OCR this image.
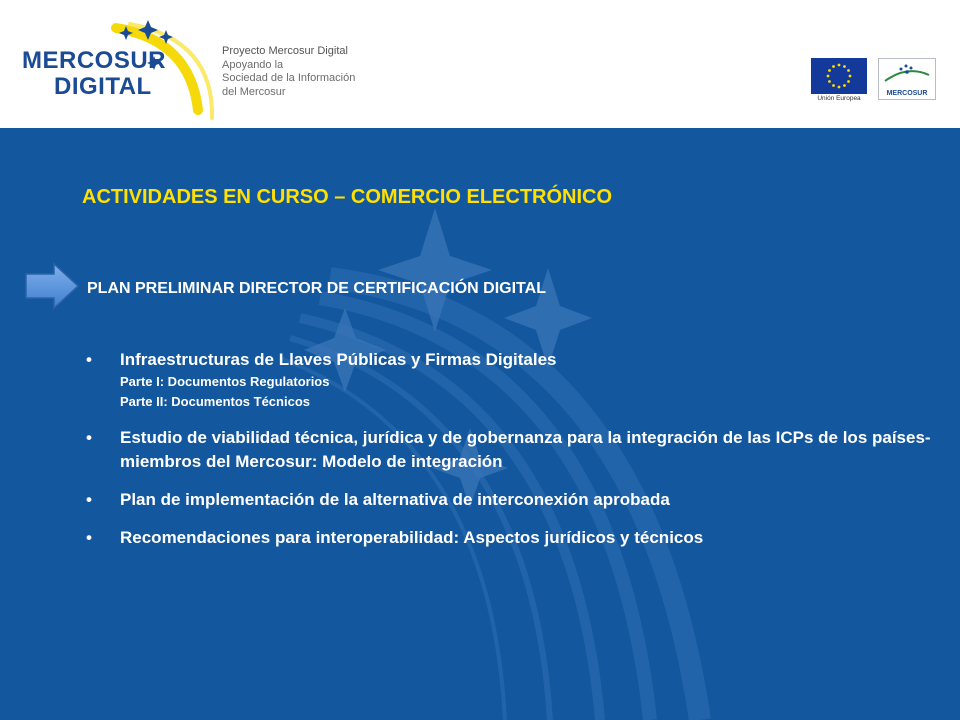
MERCOSUR
DIGITAL
Proyecto Mercosur Digital
Apoyando la
Sociedad de la Información
del Mercosur
Unión Europea
MERCOSUR
ACTIVIDADES EN CURSO – COMERCIO ELECTRÓNICO
PLAN PRELIMINAR DIRECTOR DE CERTIFICACIÓN DIGITAL
• Infraestructuras de Llaves Públicas y Firmas Digitales
Parte I: Documentos Regulatorios
Parte II: Documentos Técnicos
• Estudio de viabilidad técnica, jurídica y de gobernanza para la integración de las ICPs de los países-miembros del Mercosur: Modelo de integración
• Plan de implementación de la alternativa de interconexión aprobada
• Recomendaciones para interoperabilidad: Aspectos jurídicos y técnicos
